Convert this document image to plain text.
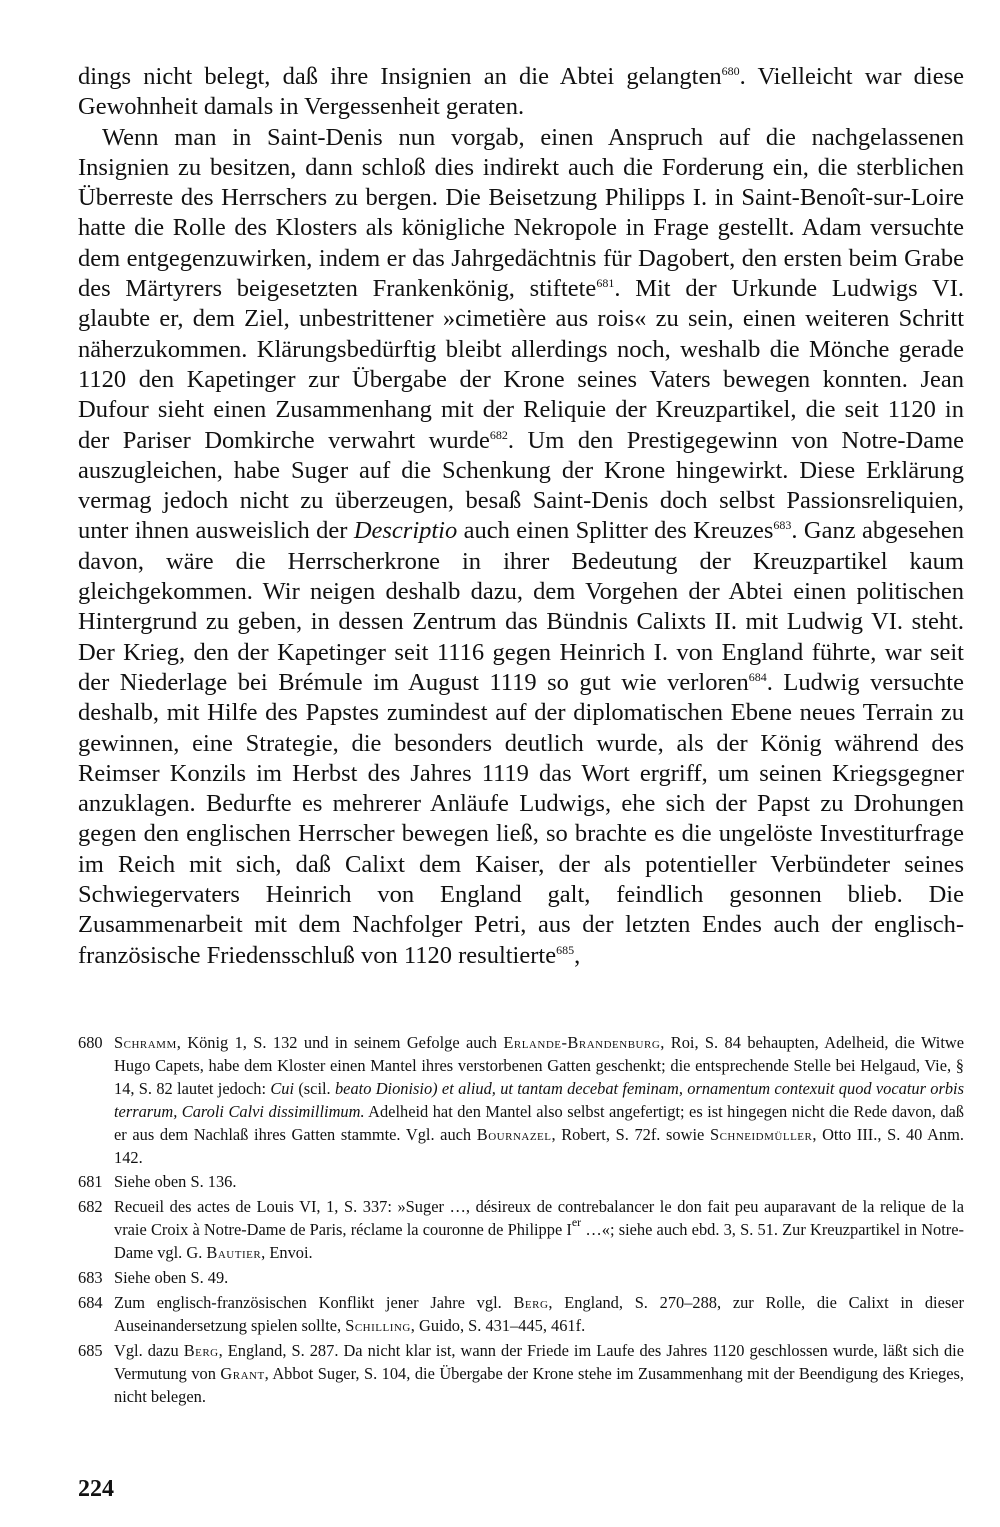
dings nicht belegt, daß ihre Insignien an die Abtei gelangten$^{680}$. Vielleicht war diese Gewohnheit damals in Vergessenheit geraten.

Wenn man in Saint-Denis nun vorgab, einen Anspruch auf die nachgelassenen Insignien zu besitzen, dann schloß dies indirekt auch die Forderung ein, die sterblichen Überreste des Herrschers zu bergen. Die Beisetzung Philipps I. in Saint-Benoît-sur-Loire hatte die Rolle des Klosters als königliche Nekropole in Frage gestellt. Adam versuchte dem entgegenzuwirken, indem er das Jahrgedächtnis für Dagobert, den ersten beim Grabe des Märtyrers beigesetzten Frankenkönig, stiftete$^{681}$. Mit der Urkunde Ludwigs VI. glaubte er, dem Ziel, unbestrittener »cimetière aus rois« zu sein, einen weiteren Schritt näherzukommen. Klärungsbedürftig bleibt allerdings noch, weshalb die Mönche gerade 1120 den Kapetinger zur Übergabe der Krone seines Vaters bewegen konnten. Jean Dufour sieht einen Zusammenhang mit der Reliquie der Kreuzpartikel, die seit 1120 in der Pariser Domkirche verwahrt wurde$^{682}$. Um den Prestigegewinn von Notre-Dame auszugleichen, habe Suger auf die Schenkung der Krone hingewirkt. Diese Erklärung vermag jedoch nicht zu überzeugen, besaß Saint-Denis doch selbst Passionsreliquien, unter ihnen ausweislich der Descriptio auch einen Splitter des Kreuzes$^{683}$. Ganz abgesehen davon, wäre die Herrscherkrone in ihrer Bedeutung der Kreuzpartikel kaum gleichgekommen. Wir neigen deshalb dazu, dem Vorgehen der Abtei einen politischen Hintergrund zu geben, in dessen Zentrum das Bündnis Calixts II. mit Ludwig VI. steht. Der Krieg, den der Kapetinger seit 1116 gegen Heinrich I. von England führte, war seit der Niederlage bei Brémule im August 1119 so gut wie verloren$^{684}$. Ludwig versuchte deshalb, mit Hilfe des Papstes zumindest auf der diplomatischen Ebene neues Terrain zu gewinnen, eine Strategie, die besonders deutlich wurde, als der König während des Reimser Konzils im Herbst des Jahres 1119 das Wort ergriff, um seinen Kriegsgegner anzuklagen. Bedurfte es mehrerer Anläufe Ludwigs, ehe sich der Papst zu Drohungen gegen den englischen Herrscher bewegen ließ, so brachte es die ungelöste Investiturfrage im Reich mit sich, daß Calixt dem Kaiser, der als potentieller Verbündeter seines Schwiegervaters Heinrich von England galt, feindlich gesonnen blieb. Die Zusammenarbeit mit dem Nachfolger Petri, aus der letzten Endes auch der englisch-französische Friedensschluß von 1120 resultierte$^{685}$,

680 Schramm, König 1, S. 132 und in seinem Gefolge auch Erlande-Brandenburg, Roi, S. 84 behaupten, Adelheid, die Witwe Hugo Capets, habe dem Kloster einen Mantel ihres verstorbenen Gatten geschenkt; die entsprechende Stelle bei Helgaud, Vie, § 14, S. 82 lautet jedoch: Cui (scil. beato Dionisio) et aliud, ut tantam decebat feminam, ornamentum contexuit quod vocatur orbis terrarum, Caroli Calvi dissimillimum. Adelheid hat den Mantel also selbst angefertigt; es ist hingegen nicht die Rede davon, daß er aus dem Nachlaß ihres Gatten stammte. Vgl. auch Bournazel, Robert, S. 72f. sowie Schneidmüller, Otto III., S. 40 Anm. 142.
681 Siehe oben S. 136.
682 Recueil des actes de Louis VI, 1, S. 337: »Suger …, désireux de contrebalancer le don fait peu auparavant de la relique de la vraie Croix à Notre-Dame de Paris, réclame la couronne de Philippe Ier …«; siehe auch ebd. 3, S. 51. Zur Kreuzpartikel in Notre-Dame vgl. G. Bautier, Envoi.
683 Siehe oben S. 49.
684 Zum englisch-französischen Konflikt jener Jahre vgl. Berg, England, S. 270–288, zur Rolle, die Calixt in dieser Auseinandersetzung spielen sollte, Schilling, Guido, S. 431–445, 461f.
685 Vgl. dazu Berg, England, S. 287. Da nicht klar ist, wann der Friede im Laufe des Jahres 1120 geschlossen wurde, läßt sich die Vermutung von Grant, Abbot Suger, S. 104, die Übergabe der Krone stehe im Zusammenhang mit der Beendigung des Krieges, nicht belegen.
224
